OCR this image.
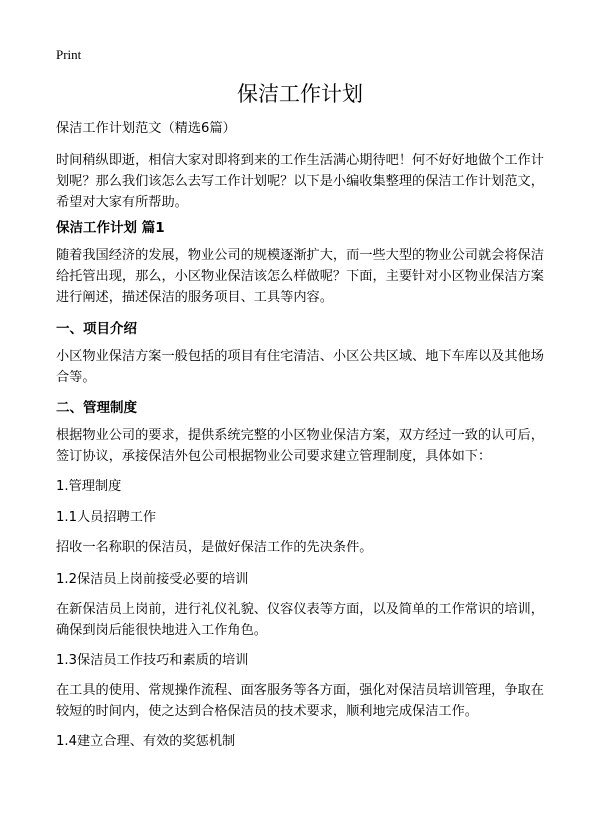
Print
保洁工作计划
保洁工作计划范文（精选6篇）
时间稍纵即逝，相信大家对即将到来的工作生活满心期待吧！何不好好地做个工作计划呢？那么我们该怎么去写工作计划呢？以下是小编收集整理的保洁工作计划范文，希望对大家有所帮助。
保洁工作计划 篇1
随着我国经济的发展，物业公司的规模逐渐扩大，而一些大型的物业公司就会将保洁给托管出现，那么，小区物业保洁该怎么样做呢？下面，主要针对小区物业保洁方案进行阐述，描述保洁的服务项目、工具等内容。
一、项目介绍
小区物业保洁方案一般包括的项目有住宅清洁、小区公共区域、地下车库以及其他场合等。
二、管理制度
根据物业公司的要求，提供系统完整的小区物业保洁方案，双方经过一致的认可后，签订协议，承接保洁外包公司根据物业公司要求建立管理制度，具体如下：
1.管理制度
1.1人员招聘工作
招收一名称职的保洁员，是做好保洁工作的先决条件。
1.2保洁员上岗前接受必要的培训
在新保洁员上岗前，进行礼仪礼貌、仪容仪表等方面，以及简单的工作常识的培训，确保到岗后能很快地进入工作角色。
1.3保洁员工作技巧和素质的培训
在工具的使用、常规操作流程、面客服务等各方面，强化对保洁员培训管理，争取在较短的时间内，使之达到合格保洁员的技术要求，顺利地完成保洁工作。
1.4建立合理、有效的奖惩机制
